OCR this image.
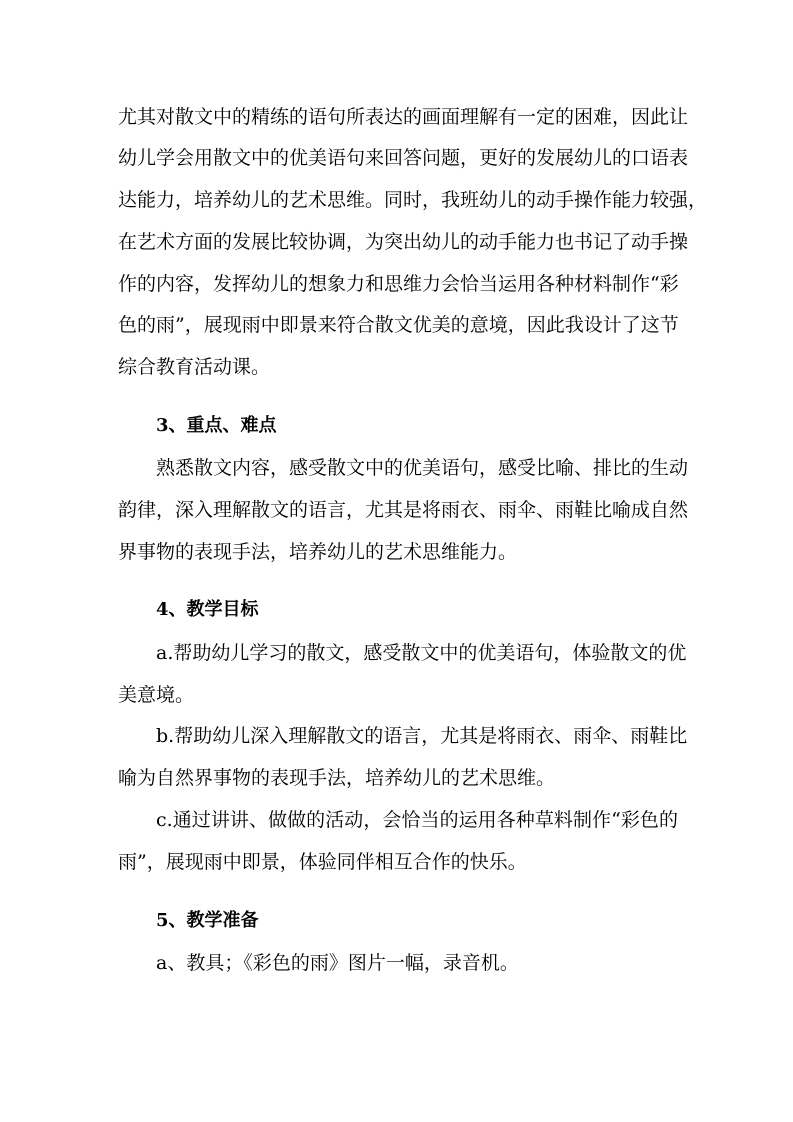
尤其对散文中的精练的语句所表达的画面理解有一定的困难，因此让
幼儿学会用散文中的优美语句来回答问题，更好的发展幼儿的口语表
达能力，培养幼儿的艺术思维。同时，我班幼儿的动手操作能力较强，
在艺术方面的发展比较协调，为突出幼儿的动手能力也书记了动手操
作的内容，发挥幼儿的想象力和思维力会恰当运用各种材料制作“彩
色的雨”，展现雨中即景来符合散文优美的意境，因此我设计了这节
综合教育活动课。
3、重点、难点
熟悉散文内容，感受散文中的优美语句，感受比喻、排比的生动
韵律，深入理解散文的语言，尤其是将雨衣、雨伞、雨鞋比喻成自然
界事物的表现手法，培养幼儿的艺术思维能力。
4、教学目标
a.帮助幼儿学习的散文，感受散文中的优美语句，体验散文的优
美意境。
b.帮助幼儿深入理解散文的语言，尤其是将雨衣、雨伞、雨鞋比
喻为自然界事物的表现手法，培养幼儿的艺术思维。
c.通过讲讲、做做的活动，会恰当的运用各种草料制作“彩色的
雨”，展现雨中即景，体验同伴相互合作的快乐。
5、教学准备
a、教具；《彩色的雨》图片一幅，录音机。
